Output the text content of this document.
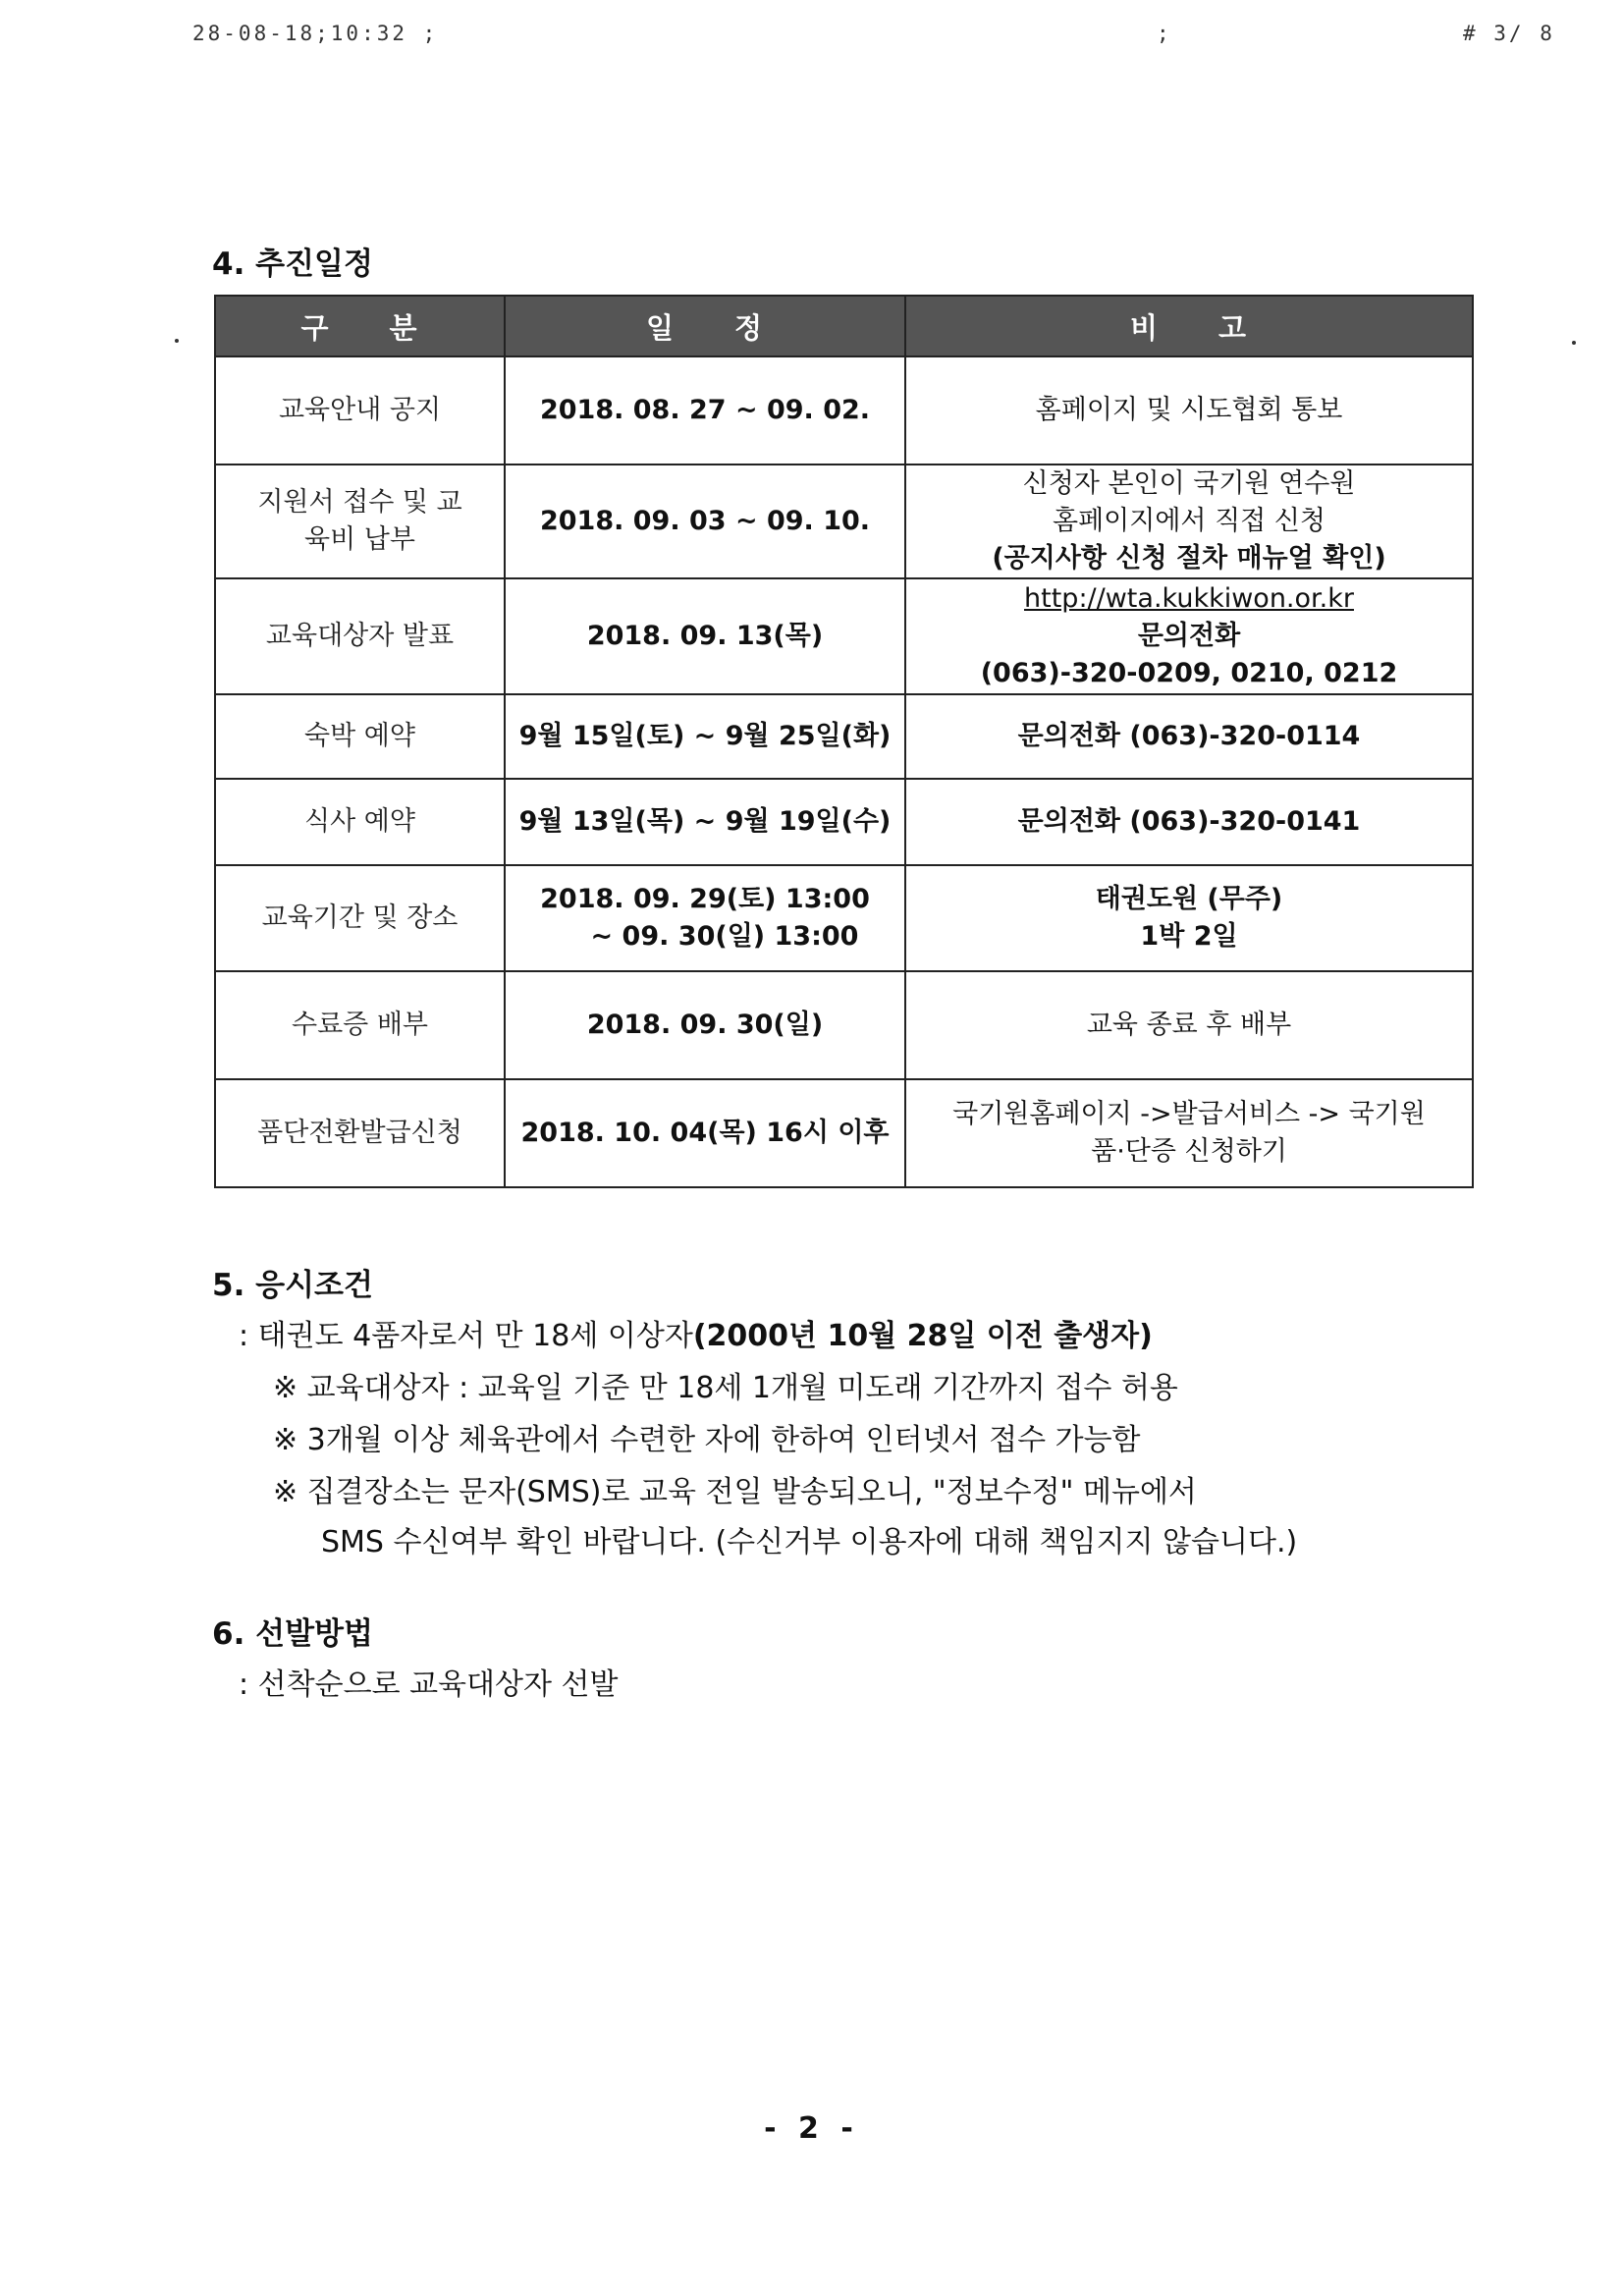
28-08-18;10:32 ;	;	# 3/ 8
4. 추진일정
구 분	일 정	비 고
교육안내 공지	2018. 08. 27 ~ 09. 02.	홈페이지 및 시도협회 통보

지원서 접수 및 교육비 납부	2018. 09. 03 ~ 09. 10.	신청자 본인이 국기원 연수원
홈페이지에서 직접 신청
(공지사항 신청 절차 매뉴얼 확인)

교육대상자 발표	2018. 09. 13(목)	http://wta.kukkiwon.or.kr
문의전화
(063)-320-0209, 0210, 0212

숙박 예약	9월 15일(토) ~ 9월 25일(화)	문의전화 (063)-320-0114

식사 예약	9월 13일(목) ~ 9월 19일(수)	문의전화 (063)-320-0141

교육기간 및 장소	2018. 09. 29(토) 13:00
~ 09. 30(일) 13:00	태권도원 (무주)
1박 2일

수료증 배부	2018. 09. 30(일)	교육 종료 후 배부

품단전환발급신청	2018. 10. 04(목) 16시 이후	국기원홈페이지 ->발급서비스 -> 국기원
품·단증 신청하기
5. 응시조건
: 태권도 4품자로서 만 18세 이상자(2000년 10월 28일 이전 출생자)
※ 교육대상자 : 교육일 기준 만 18세 1개월 미도래 기간까지 접수 허용
※ 3개월 이상 체육관에서 수련한 자에 한하여 인터넷서 접수 가능함
※ 집결장소는 문자(SMS)로 교육 전일 발송되오니, "정보수정" 메뉴에서
SMS 수신여부 확인 바랍니다. (수신거부 이용자에 대해 책임지지 않습니다.)
6. 선발방법
: 선착순으로 교육대상자 선발
- 2 -
